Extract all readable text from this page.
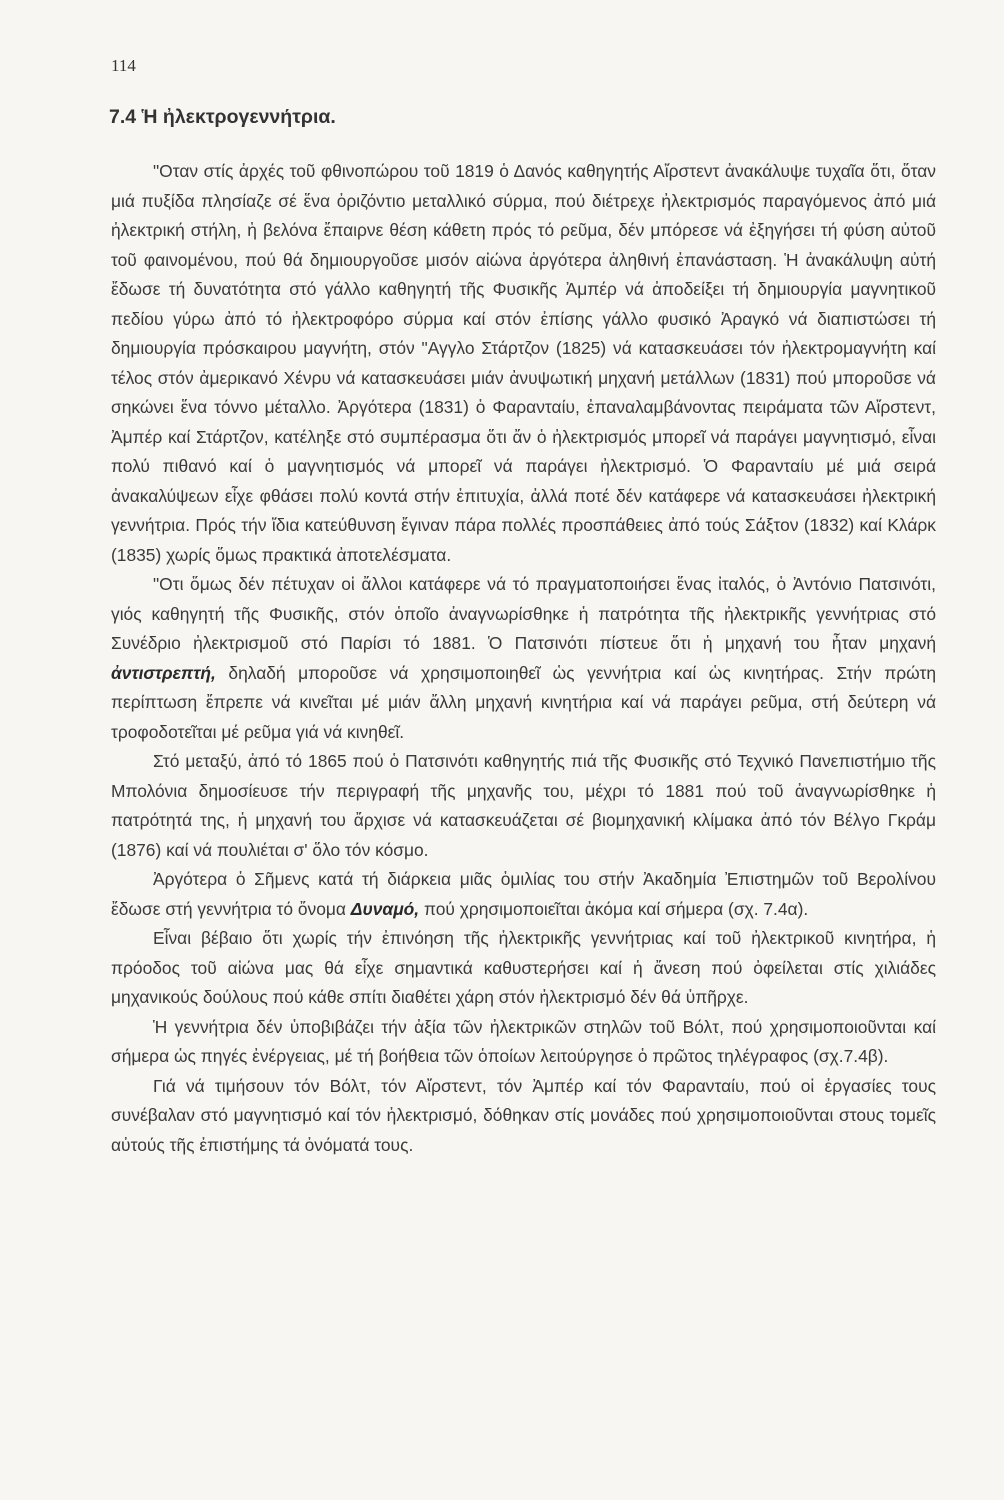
114
7.4 Ἡ ἠλεκτρογεννήτρια.

"Οταν στίς ἀρχές τοῦ φθινοπώρου τοῦ 1819 ὁ Δανός καθηγητής Αἴρστεντ ἀνακάλυψε τυχαῖα ὅτι, ὅταν μιά πυξίδα πλησίαζε σέ ἕνα ὁριζόντιο μεταλλικό σύρμα, πού διέτρεχε ἠλεκτρισμός παραγόμενος ἀπό μιά ἠλεκτρική στήλη, ἡ βελόνα ἔπαιρνε θέση κάθετη πρός τό ρεῦμα, δέν μπόρεσε νά ἐξηγήσει τή φύση αὐτοῦ τοῦ φαινομένου, πού θά δημιουργοῦσε μισόν αἰώνα ἀργότερα ἀληθινή ἐπανάσταση. Ἡ ἀνακάλυψη αὐτή ἔδωσε τή δυνατότητα στό γάλλο καθηγητή τῆς Φυσικῆς Ἀμπέρ νά ἀποδείξει τή δημιουργία μαγνητικοῦ πεδίου γύρω ἀπό τό ἠλεκτροφόρο σύρμα καί στόν ἐπίσης γάλλο φυσικό Ἀραγκό νά διαπιστώσει τή δημιουργία πρόσκαιρου μαγνήτη, στόν "Αγγλο Στάρτζον (1825) νά κατασκευάσει τόν ἠλεκτρομαγνήτη καί τέλος στόν ἀμερικανό Χένρυ νά κατασκευάσει μιάν ἀνυψωτική μηχανή μετάλλων (1831) πού μποροῦσε νά σηκώνει ἕνα τόννο μέταλλο. Ἀργότερα (1831) ὁ Φαρανταίυ, ἐπαναλαμβάνοντας πειράματα τῶν Αἴρστεντ, Ἀμπέρ καί Στάρτζον, κατέληξε στό συμπέρασμα ὅτι ἄν ὁ ἠλεκτρισμός μπορεῖ νά παράγει μαγνητισμό, εἶναι πολύ πιθανό καί ὁ μαγνητισμός νά μπορεῖ νά παράγει ἠλεκτρισμό. Ὁ Φαρανταίυ μέ μιά σειρά ἀνακαλύψεων εἶχε φθάσει πολύ κοντά στήν ἐπιτυχία, ἀλλά ποτέ δέν κατάφερε νά κατασκευάσει ἠλεκτρική γεννήτρια. Πρός τήν ἴδια κατεύθυνση ἔγιναν πάρα πολλές προσπάθειες ἀπό τούς Σάξτον (1832) καί Κλάρκ (1835) χωρίς ὅμως πρακτικά ἀποτελέσματα.

"Οτι ὅμως δέν πέτυχαν οἱ ἄλλοι κατάφερε νά τό πραγματοποιήσει ἕνας ἰταλός, ὁ Ἀντόνιο Πατσινότι, γιός καθηγητή τῆς Φυσικῆς, στόν ὁποῖο ἀναγνωρίσθηκε ἡ πατρότητα τῆς ἠλεκτρικῆς γεννήτριας στό Συνέδριο ἠλεκτρισμοῦ στό Παρίσι τό 1881. Ὁ Πατσινότι πίστευε ὅτι ἡ μηχανή του ἦταν μηχανή ἀντιστρεπτή, δηλαδή μποροῦσε νά χρησιμοποιηθεῖ ὡς γεννήτρια καί ὡς κινητήρας. Στήν πρώτη περίπτωση ἔπρεπε νά κινεῖται μέ μιάν ἄλλη μηχανή κινητήρια καί νά παράγει ρεῦμα, στή δεύτερη νά τροφοδοτεῖται μέ ρεῦμα γιά νά κινηθεῖ.

Στό μεταξύ, ἀπό τό 1865 πού ὁ Πατσινότι καθηγητής πιά τῆς Φυσικῆς στό Τεχνικό Πανεπιστήμιο τῆς Μπολόνια δημοσίευσε τήν περιγραφή τῆς μηχανῆς του, μέχρι τό 1881 πού τοῦ ἀναγνωρίσθηκε ἡ πατρότητά της, ἡ μηχανή του ἄρχισε νά κατασκευάζεται σέ βιομηχανική κλίμακα ἀπό τόν Βέλγο Γκράμ (1876) καί νά πουλιέται σ' ὅλο τόν κόσμο.

Ἀργότερα ὁ Σῆμενς κατά τή διάρκεια μιᾶς ὁμιλίας του στήν Ἀκαδημία Ἐπιστημῶν τοῦ Βερολίνου ἔδωσε στή γεννήτρια τό ὄνομα Δυναμό, πού χρησιμοποιεῖται ἀκόμα καί σήμερα (σχ. 7.4α).

Εἶναι βέβαιο ὅτι χωρίς τήν ἐπινόηση τῆς ἠλεκτρικῆς γεννήτριας καί τοῦ ἠλεκτρικοῦ κινητήρα, ἡ πρόοδος τοῦ αἰώνα μας θά εἶχε σημαντικά καθυστερήσει καί ἡ ἄνεση πού ὀφείλεται στίς χιλιάδες μηχανικούς δούλους πού κάθε σπίτι διαθέτει χάρη στόν ἠλεκτρισμό δέν θά ὑπῆρχε.

Ἡ γεννήτρια δέν ὑποβιβάζει τήν ἀξία τῶν ἠλεκτρικῶν στηλῶν τοῦ Βόλτ, πού χρησιμοποιοῦνται καί σήμερα ὡς πηγές ἐνέργειας, μέ τή βοήθεια τῶν ὁποίων λειτούργησε ὁ πρῶτος τηλέγραφος (σχ.7.4β).

Γιά νά τιμήσουν τόν Βόλτ, τόν Αἴρστεντ, τόν Ἀμπέρ καί τόν Φαρανταίυ, πού οἱ ἐργασίες τους συνέβαλαν στό μαγνητισμό καί τόν ἠλεκτρισμό, δόθηκαν στίς μονάδες πού χρησιμοποιοῦνται στους τομεῖς αὐτούς τῆς ἐπιστήμης τά ὀνόματά τους.
